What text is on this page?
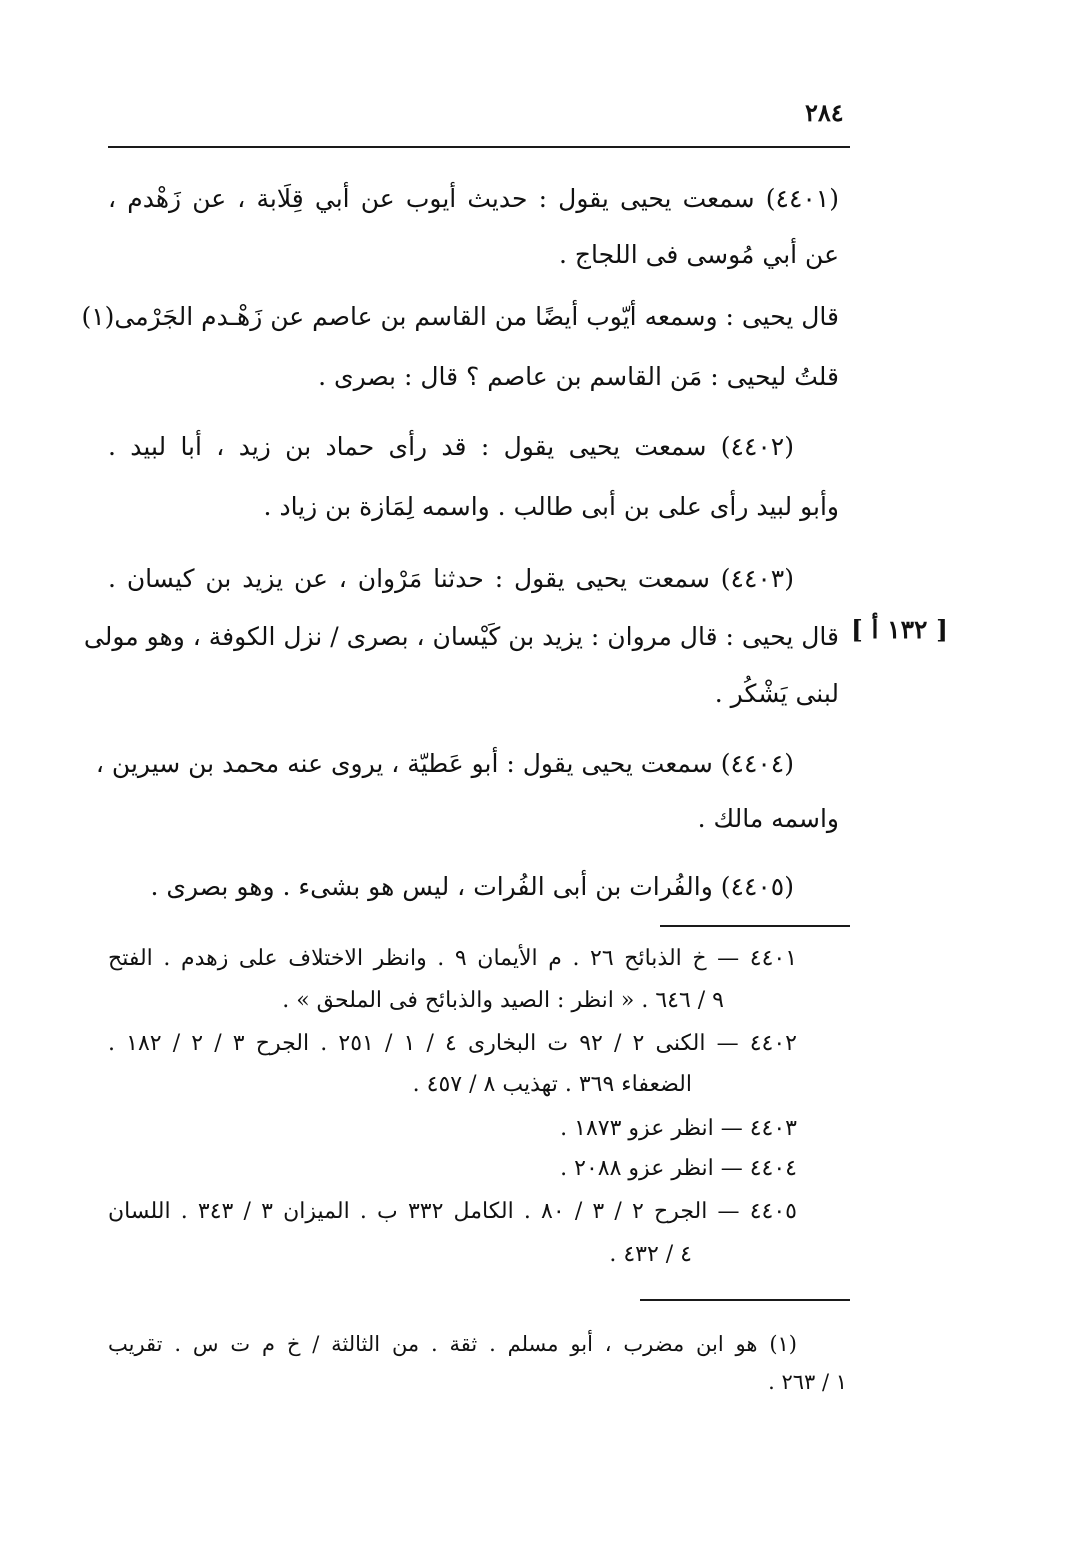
٢٨٤
(٤٤٠١) سمعت يحيى يقول : حديث أيوب عن أبي قِلَابة ، عن زَهْدم ،
عن أبي مُوسى فى اللجاج .
قال يحيى : وسمعه أيّوب أيضًا من القاسم بن عاصم عن زَهْـدم الجَرْمى(١)
قلتُ ليحيى : مَن القاسم بن عاصم ؟ قال : بصرى .
(٤٤٠٢) سمعت يحيى يقول : قد رأى حماد بن زيد ، أبا لبيد .
وأبو لبيد رأى على بن أبى طالب . واسمه لِمَازة بن زياد .
(٤٤٠٣) سمعت يحيى يقول : حدثنا مَرْوان ، عن يزيد بن كيسان .
[ ١٣٢ أ ]
قال يحيى : قال مروان : يزيد بن كَيْسان ، بصرى / نزل الكوفة ، وهو مولى
لبنى يَشْكُر .
(٤٤٠٤) سمعت يحيى يقول : أبو عَطيّة ، يروى عنه محمد بن سيرين ،
واسمه مالك .
(٤٤٠٥) والفُرات بن أبى الفُرات ، ليس هو بشىء . وهو بصرى .
٤٤٠١ — خ الذبائح ٢٦ . م الأيمان ٩ . وانظر الاختلاف على زهدم . الفتح
٩ / ٦٤٦ . « انظر : الصيد والذبائح فى الملحق » .
٤٤٠٢ — الكنى ٢ / ٩٢ ت البخارى ٤ / ١ / ٢٥١ . الجرح ٣ / ٢ / ١٨٢ .
الضعفاء ٣٦٩ . تهذيب ٨ / ٤٥٧ .
٤٤٠٣ — انظر عزو ١٨٧٣ .
٤٤٠٤ — انظر عزو ٢٠٨٨ .
٤٤٠٥ — الجرح ٢ / ٣ / ٨٠ . الكامل ٣٣٢ ب . الميزان ٣ / ٣٤٣ . اللسان
٤ / ٤٣٢ .
(١) هو ابن مضرب ، أبو مسلم . ثقة . من الثالثة / خ م ت س . تقريب
١ / ٢٦٣ .
